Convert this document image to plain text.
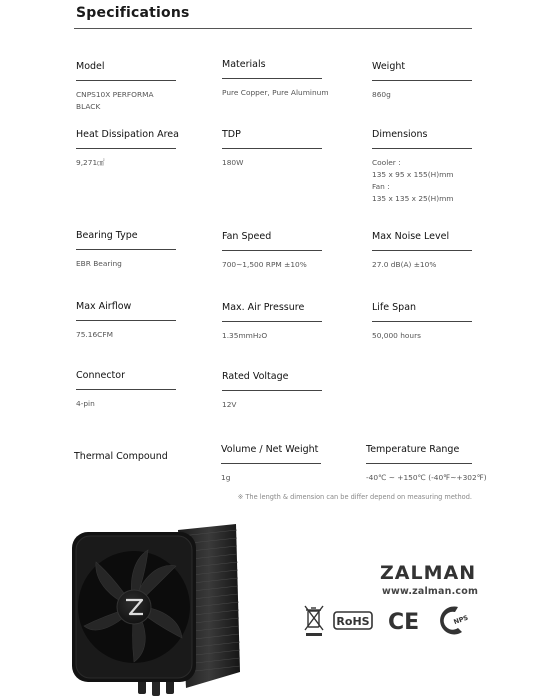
Specifications
Model
CNPS10X PERFORMA
BLACK
Materials
Pure Copper, Pure Aluminum
Weight
860g
Heat Dissipation Area
9,271㎠
TDP
180W
Dimensions
Cooler :
135 x 95 x 155(H)mm
Fan :
135 x 135 x 25(H)mm
Bearing Type
EBR Bearing
Fan Speed
700~1,500 RPM ±10%
Max Noise Level
27.0 dB(A) ±10%
Max Airflow
75.16CFM
Max. Air Pressure
1.35mmH₂O
Life Span
50,000 hours
Connector
4-pin
Rated Voltage
12V
Thermal Compound
Volume / Net Weight
1g
Temperature Range
-40℃ ~ +150℃ (-40℉~+302℉)
※ The length & dimension can be differ depend on measuring method.
ZALMAN
www.zalman.com
RoHS CE	NPS
